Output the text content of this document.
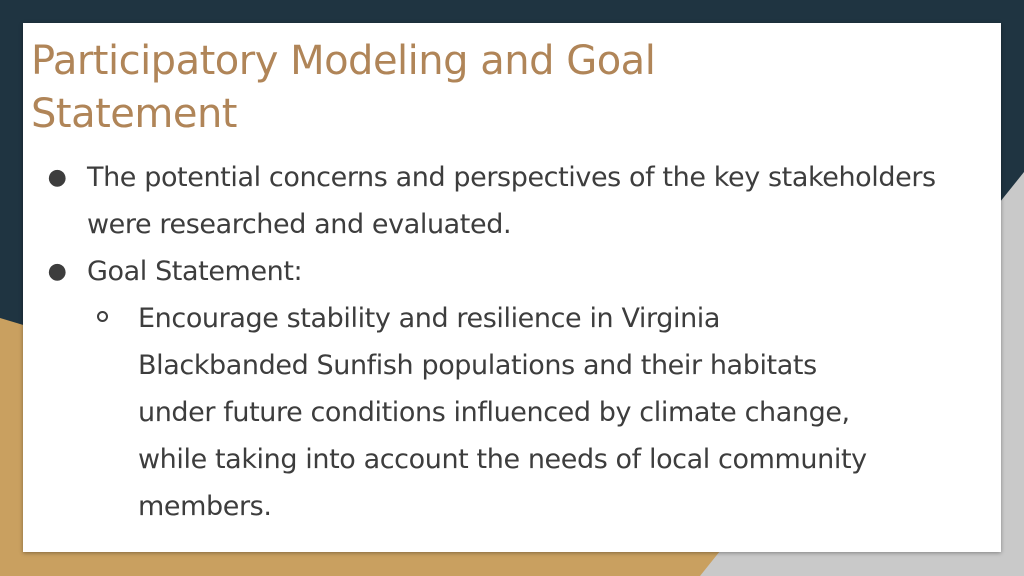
Participatory Modeling and Goal Statement
● The potential concerns and perspectives of the key stakeholders were researched and evaluated.
● Goal Statement:
Encourage stability and resilience in Virginia Blackbanded Sunfish populations and their habitats under future conditions influenced by climate change, while taking into account the needs of local community members.
